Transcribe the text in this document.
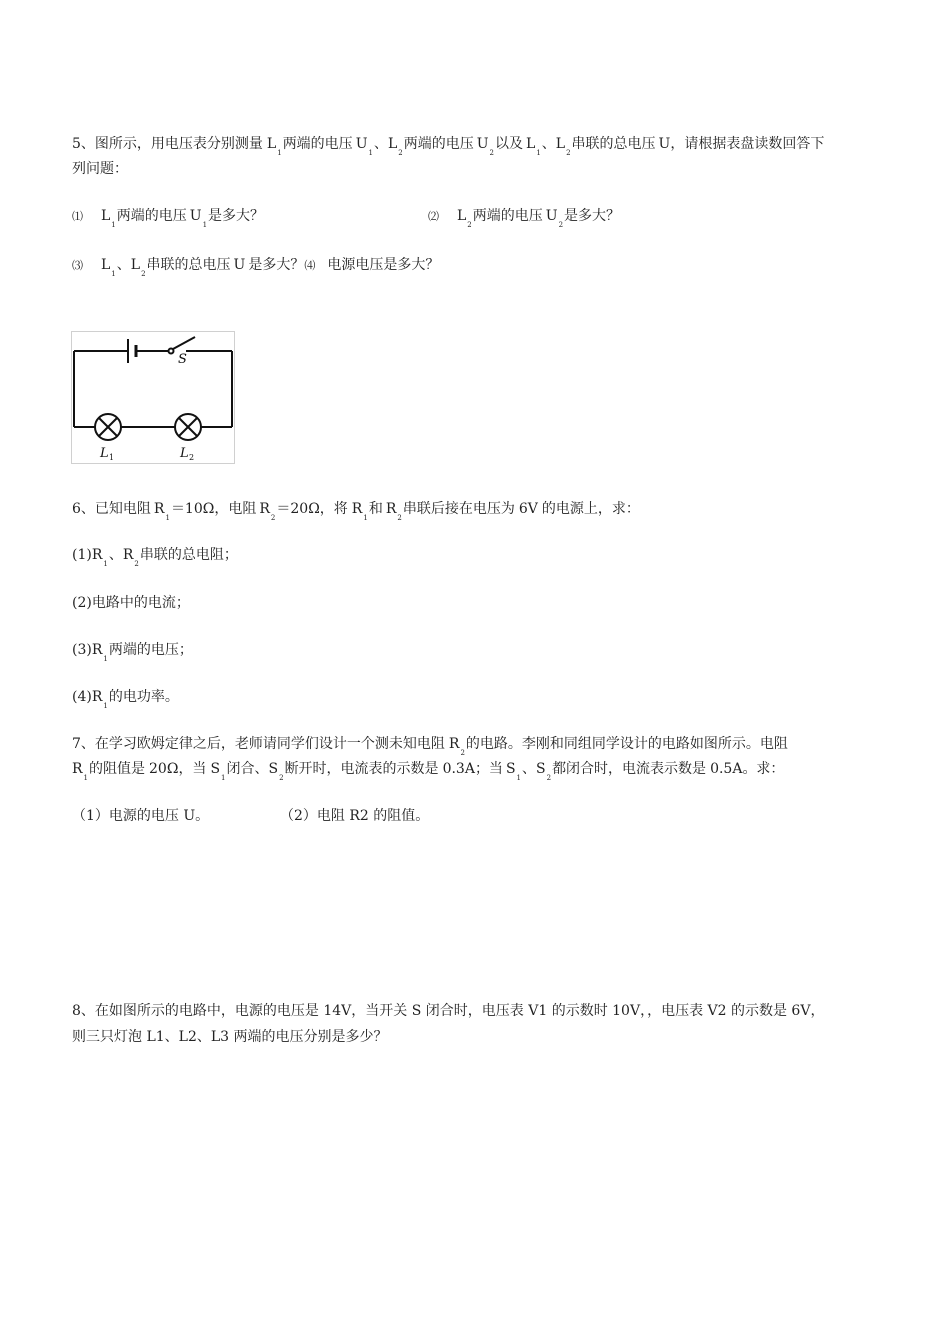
5、图所示，用电压表分别测量 $L_1$两端的电压 $U_1$、$L_2$两端的电压 $U_2$以及 $L_1$、$L_2$串联的总电压 U，请根据表盘读数回答下
列问题：
⑴ $L_1$两端的电压 $U_1$是多大？	⑵ $L_2$两端的电压 $U_2$是多大？
⑶ $L_1$、$L_2$串联的总电压 U 是多大？⑷ 电源电压是多大？
S
L 1	L 2
6、已知电阻 $R_1=10\Omega$，电阻 $R_2=20\Omega$，将 $R_1$和 $R_2$串联后接在电压为 6V 的电源上，求：
$(1)R_1$、$R_2$串联的总电阻；
(2)电路中的电流；
$(3)R_1$两端的电压；
$(4)R_1$的电功率。
7、在学习欧姆定律之后，老师请同学们设计一个测未知电阻 $R_2$的电路。李刚和同组同学设计的电路如图所示。电阻
$R_1$的阻值是 20Ω，当 $S_1$闭合、$S_2$断开时，电流表的示数是 0.3A；当 $S_1$、$S_2$都闭合时，电流表示数是 0.5A。求：
（1）电源的电压 U。	（2）电阻 R2 的阻值。
8、在如图所示的电路中，电源的电压是 14V，当开关 S 闭合时，电压表 V1 的示数时 10V，，电压表 V2 的示数是 6V，
则三只灯泡 L1、L2、L3 两端的电压分别是多少？
